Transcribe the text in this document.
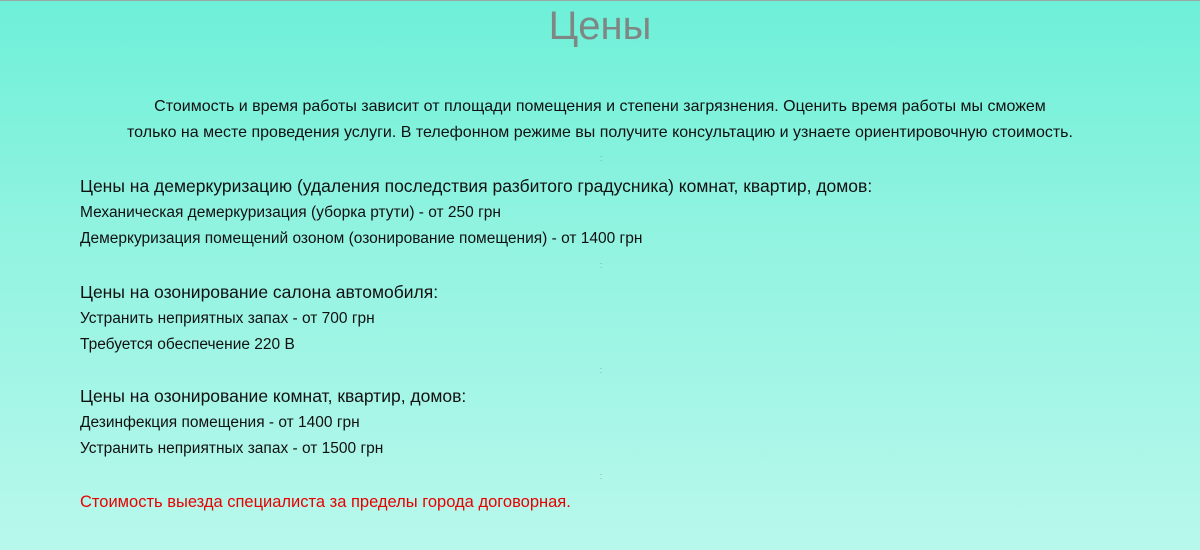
Цены

Стоимость и время работы зависит от площади помещения и степени загрязнения. Оценить время работы мы сможем

только на месте проведения услуги. В телефонном режиме вы получите консультацию и узнаете ориентировочную стоимость.

:

Цены на демеркуризацию (удаления последствия разбитого градусника) комнат, квартир, домов:

Механическая демеркуризация (уборка ртути) - от 250 грн

Демеркуризация помещений озоном (озонирование помещения) - от 1400 грн

:

Цены на озонирование салона автомобиля:

Устранить неприятных запах - от 700 грн

Требуется обеспечение 220 В

:

Цены на озонирование комнат, квартир, домов:

Дезинфекция помещения - от 1400 грн

Устранить неприятных запах - от 1500 грн

:
Стоимость выезда специалиста за пределы города договорная.
